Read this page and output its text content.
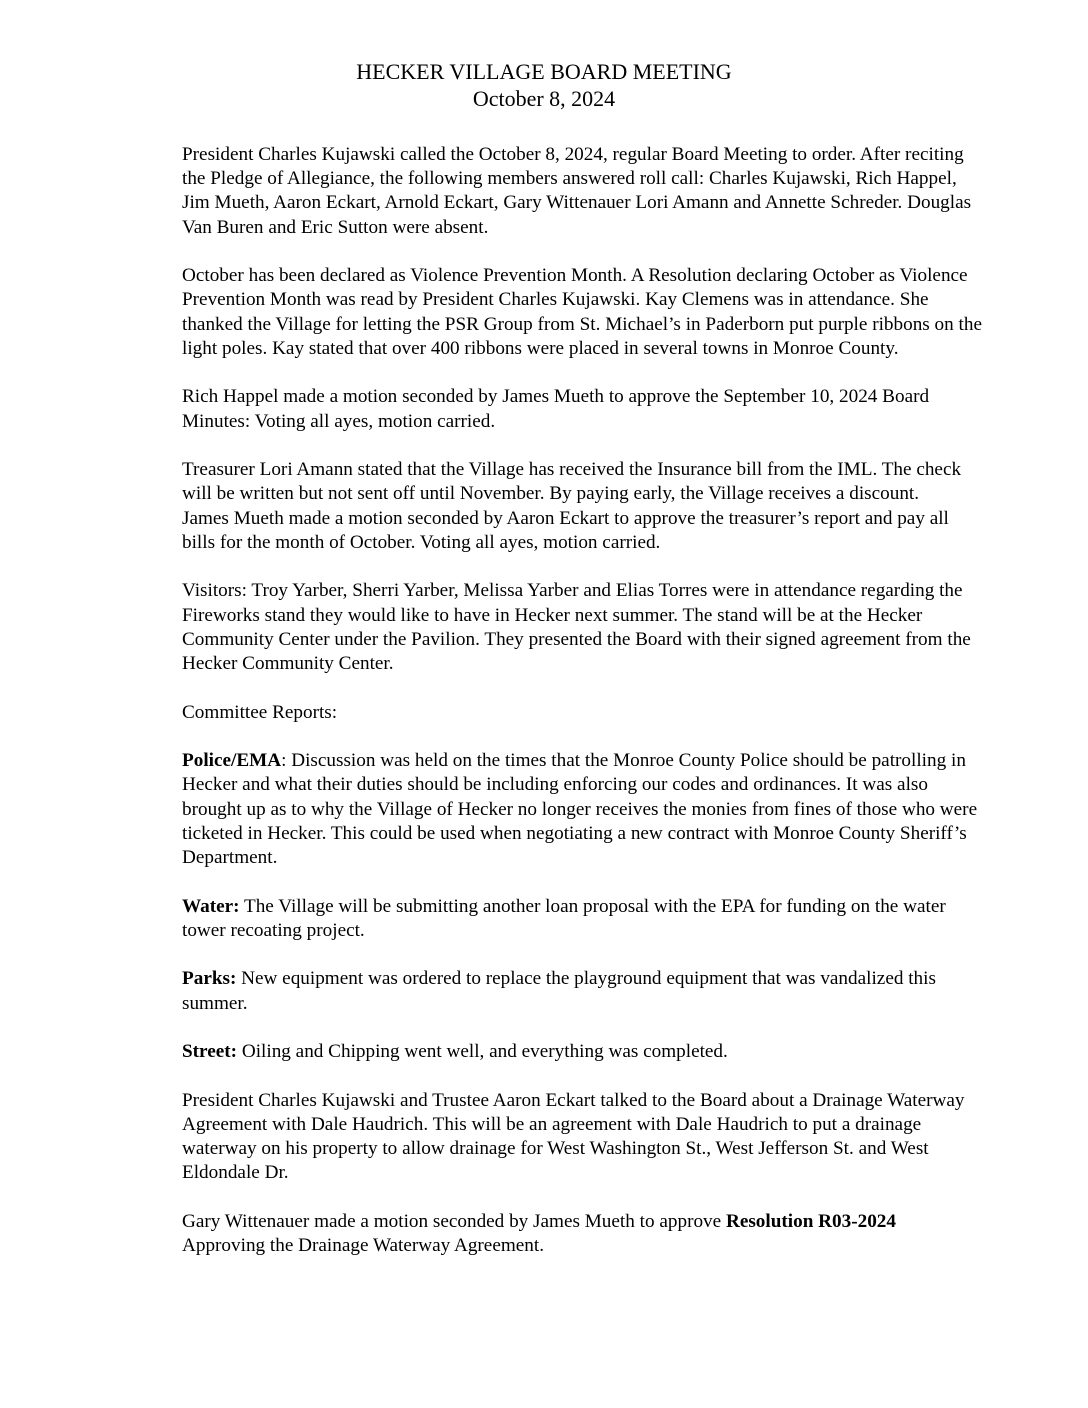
HECKER VILLAGE BOARD MEETING
October 8, 2024

President Charles Kujawski called the October 8, 2024, regular Board Meeting to order. After reciting the Pledge of Allegiance, the following members answered roll call: Charles Kujawski, Rich Happel, Jim Mueth, Aaron Eckart, Arnold Eckart, Gary Wittenauer Lori Amann and Annette Schreder. Douglas Van Buren and Eric Sutton were absent.

October has been declared as Violence Prevention Month. A Resolution declaring October as Violence Prevention Month was read by President Charles Kujawski. Kay Clemens was in attendance. She thanked the Village for letting the PSR Group from St. Michael’s in Paderborn put purple ribbons on the light poles. Kay stated that over 400 ribbons were placed in several towns in Monroe County.

Rich Happel made a motion seconded by James Mueth to approve the September 10, 2024 Board Minutes: Voting all ayes, motion carried.

Treasurer Lori Amann stated that the Village has received the Insurance bill from the IML. The check will be written but not sent off until November. By paying early, the Village receives a discount.

James Mueth made a motion seconded by Aaron Eckart to approve the treasurer’s report and pay all bills for the month of October. Voting all ayes, motion carried.

Visitors: Troy Yarber, Sherri Yarber, Melissa Yarber and Elias Torres were in attendance regarding the Fireworks stand they would like to have in Hecker next summer. The stand will be at the Hecker Community Center under the Pavilion. They presented the Board with their signed agreement from the Hecker Community Center.

Committee Reports:

Police/EMA: Discussion was held on the times that the Monroe County Police should be patrolling in Hecker and what their duties should be including enforcing our codes and ordinances. It was also brought up as to why the Village of Hecker no longer receives the monies from fines of those who were ticketed in Hecker. This could be used when negotiating a new contract with Monroe County Sheriff’s Department.

Water: The Village will be submitting another loan proposal with the EPA for funding on the water tower recoating project.

Parks: New equipment was ordered to replace the playground equipment that was vandalized this summer.

Street: Oiling and Chipping went well, and everything was completed.

President Charles Kujawski and Trustee Aaron Eckart talked to the Board about a Drainage Waterway Agreement with Dale Haudrich. This will be an agreement with Dale Haudrich to put a drainage waterway on his property to allow drainage for West Washington St., West Jefferson St. and West Eldondale Dr.

Gary Wittenauer made a motion seconded by James Mueth to approve Resolution R03-2024 Approving the Drainage Waterway Agreement.
